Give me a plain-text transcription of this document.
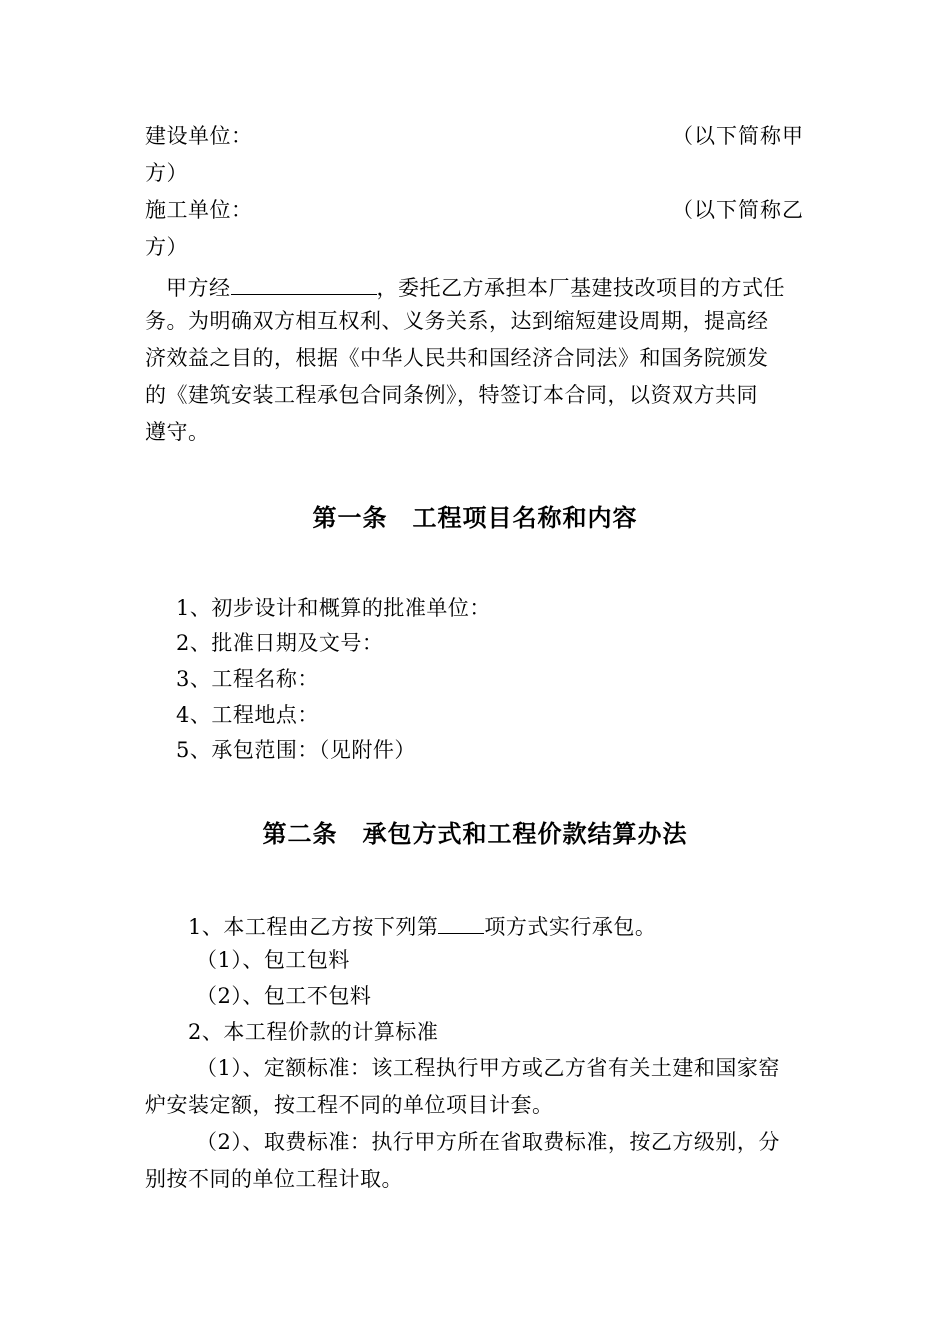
建设单位：	（以下简称甲
方）
施工单位：	（以下简称乙
方）
甲方经	，委托乙方承担本厂基建技改项目的方式任
务。为明确双方相互权利、义务关系，达到缩短建设周期，提高经
济效益之目的，根据《中华人民共和国经济合同法》和国务院颁发
的《建筑安装工程承包合同条例》，特签订本合同，以资双方共同
遵守。
第一条　工程项目名称和内容
1、初步设计和概算的批准单位：
2、批准日期及文号：
3、工程名称：
4、工程地点：
5、承包范围：（见附件）
第二条　承包方式和工程价款结算办法
1、本工程由乙方按下列第 项方式实行承包。
（1）、包工包料
（2）、包工不包料
2、本工程价款的计算标准
（1）、定额标准：该工程执行甲方或乙方省有关土建和国家窑
炉安装定额，按工程不同的单位项目计套。
（2）、取费标准：执行甲方所在省取费标准，按乙方级别，分
别按不同的单位工程计取。
